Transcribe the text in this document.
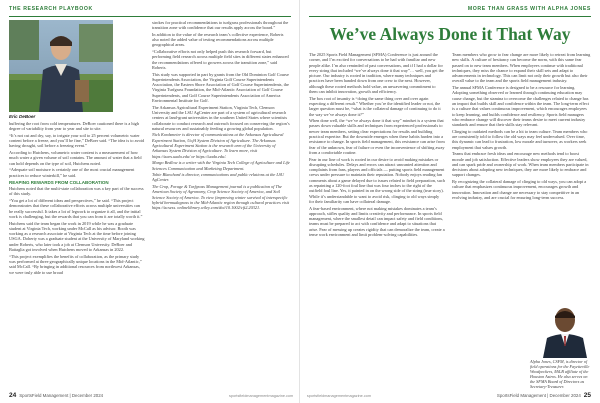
THE RESEARCH PLAYBOOK
Eric DeBoer

buffering the root from cold temperatures. DeBoer cautioned there is a high degree of variability from year to year and site to site.

“It’s not cut and dry, say, to irrigate your soil to 25 percent volumetric water content before a freeze, and you’ll be fine,” DeBoer said. “The idea is to avoid having drought, soil before a freezing event.”

According to Hutchens, volumetric water content is a measurement of how much water a given volume of soil contains. The amount of water that a field can hold depends on the type of soil, Hutchens noted.

“Adequate soil moisture is certainly one of the most crucial management practices to reduce winterkill,” he said.

REAPING REWARDS FROM COLLABORATION

Hutchens noted that the multi-state collaboration was a key part of the success of this study.

“You get a lot of different ideas and perspectives,” he said. “This project demonstrates that these collaborative efforts across multiple universities can be really successful. It takes a lot of legwork to organize it all, and the initial work is challenging, but the rewards that you can from it are totally worth it.”

Hutchens said the team began the work in 2019 while he was a graduate student at Virginia Tech, working under McCall as his advisor. Booth was working as a research associate at Virginia Tech at the time before joining USGA. Doherty was a graduate student at the University of Maryland working under Roberts, who later took a job at Clemson University. DeBoer and Battaglia got involved when Hutchens moved to Arkansas in 2022.

“This project exemplifies the benefits of collaboration, as the primary study was performed at three geographically unique locations in the Mid-Atlantic,” said McCall. “By bringing in additional resources from northwest Arkansas, we were truly able to use broad

strokes for practical recommendations to turfgrass professionals throughout the transition zone with confidence that our results apply across the board.”

In addition to the value of the research team’s collective experience, Roberts also noted the added value of testing recommendations across multiple geographical areas.

“Collaborative efforts not only helped push this research forward, but performing field research across multiple field sites in different states enhanced the recommendations offered to growers across the transition zone,” said Roberts.

This study was supported in part by grants from the Old Dominion Golf Course Superintendents Association, the Virginia Golf Course Superintendents Association, the Eastern Shore Association of Golf Course Superintendents, the Virginia Turfgrass Foundation, the Mid-Atlantic Association of Golf Course Superintendents, and Golf Course Superintendents Association of America Environmental Institute for Golf.

The Arkansas Agricultural Experiment Station, Virginia Tech, Clemson University and the LSU AgCenter are part of a system of agricultural research centers at land-grant universities in the southern United States where scientists collaborate to conduct research and outreach focused on conserving the region’s natural resources and sustainably feeding a growing global population.

Nick Kordsmeier is director of communications at the Arkansas Agricultural Experiment Station, UofA System Division of Agriculture. The Arkansas Agricultural Experiment Station is the research arm of the University of Arkansas System Division of Agriculture. To learn more, visit https://aaes.uada.edu/ or https://uada.edu/.

Margo Bedlow is a writer with the Virginia Tech College of Agriculture and Life Sciences Communication and Marketing Department.

Tobie Blanchard is director, communications and public relations at the LSU AgCenter.

The Crop, Forage & Turfgrass Management journal is a publication of The American Society of Agronomy, Crop Science Society of America, and Soil Science Society of America. To view (improving winter survival of interspecific hybrid bermudagrass in the Mid-Atlantic region through cultural practices visit https://acsess. onlinelibrary.wiley.com/doi/10.1002/cft2.20321.

24 SportsField Management | December 2024	sportsfieldmanagementmagazine.com
MORE THAN GRASS WITH ALPHA JONES
We’ve Always Done it That Way

The 2025 Sports Field Management (SFMA) Conference is just around the corner, and I’m excited for conversations to be had with familiar and new people alike. I’m also reminded of past conversations, and if I had a dollar for every string that included “we’ve always done it that way”… well, you get the picture. Our industry is rooted in tradition, where many techniques and practices have been handed down from one crew to the next. However, although these rooted methods hold value, an unwavering commitment to them can inhibit innovation, growth and efficiency.

The box root of insanity is “doing the same thing over and over again expecting a different result.” Whether you’re the identified leader or not, the larger question must be, “what is the collateral damage of continuing to do it the way we’ve always done it?”

When done well, the “we’ve always done it that way” mindset is a system that passes down valuable skills and techniques from experienced professionals to newer team members, setting clear expectations for results and building practical expertise. But the downside emerges when these habits harden into a resistance to change. In sports field management, this resistance can arise from fear of the unknown, fear of failure or even the inconvenience of shifting away from a comfortable routine.

Fear in our line of work is rooted in our desire to avoid making mistakes or disrupting schedules. Delays and errors can attract unwanted attention and complaints from fans, players and officials — putting sports field management crews under pressure to maintain their reputation. Nobody enjoys reading fan comments about a game delayed due to issues related to field preparation, such as repainting a 120-foot foul line that was four inches to the right of the outfield foul line. Yes, it painted in on the wrong side of the string (true story). While it’s understandable to want to avoid risk, clinging to old ways simply for their familiarity can have collateral damage.

A fear-based environment, where not making mistakes dominates a team’s approach, stifles quality and limits creativity and performance. In sports field management, where the smallest detail can impact safety and field conditions, teams must be prepared to act with confidence and adapt to situations that arise. Fear of messing up creates rigidity that can demoralize the team, create a tense work environment and limit problem-solving capabilities.

Team members who grow to fear change are more likely to retreat from learning new skills. A culture of hesitancy can become the norm, with this same fear passed on to new team members. When employees continue with traditional techniques, they miss the chance to expand their skill sets and adapt to advancements in technology. This can limit not only their growth but also their overall value to the team and the sports field management industry.

The annual SFMA Conference is designed to be a resource for learning. Adopting something observed or learned through continuing education may cause change, but the stamina to overcome the challenges related to change has an impact that builds skill and confidence within the team. The long-term effect is a culture that values continuous improvement, which encourages employees to keep learning, and builds confidence and resiliency. Sports field managers who embrace change will discover their teams desire to meet current industry standards and ensure that their skills stay relevant.

Clinging to outdated methods can be a hit to team culture. Team members who are consistently told to follow the old ways may feel undervalued. Over time, this dynamic can lead to frustration, low morale and turnover, as workers seek employment that values growth.

Teams that embrace fresh ideas and encourage new methods tend to boost morale and job satisfaction. Effective leaders show employees they are valued, and can spark pride and ownership of work. When team members participate in decisions about adopting new techniques, they are more likely to embrace and support changes.

By recognizing the collateral damage of clinging to old ways, you can adopt a culture that emphasizes continuous improvement, encourages growth and innovation. Innovation and change are necessary to stay competitive in an evolving industry, and are crucial for ensuring long-term success.

Alpha Jones, CSFM, is director of field operations for the Fayetteville Woodpeckers, MiLB affiliate of the Houston Astros. He also serves on the SFMA Board of Directors as Secretary-Treasurer.
SportsField Management | December 2024 25
sportsfieldmanagementmagazine.com
